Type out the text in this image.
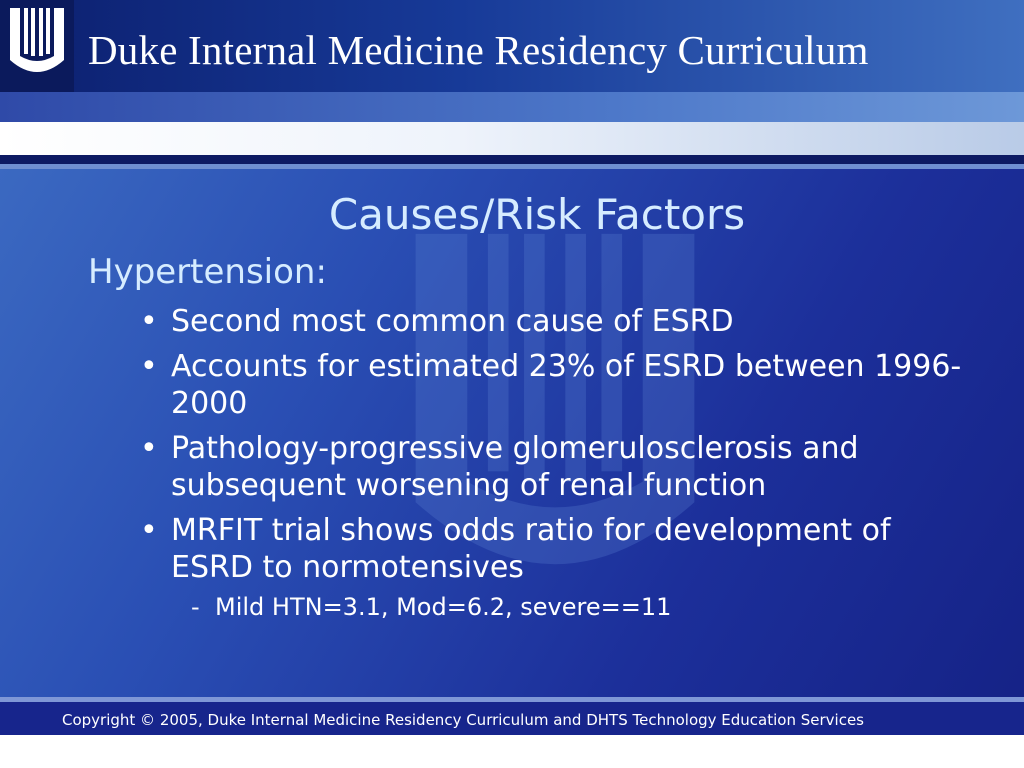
Duke Internal Medicine Residency Curriculum
Causes/Risk Factors
Hypertension:
• Second most common cause of ESRD
• Accounts for estimated 23% of ESRD between 1996-2000
• Pathology-progressive glomerulosclerosis and subsequent worsening of renal function
• MRFIT trial shows odds ratio for development of ESRD to normotensives
- Mild HTN=3.1, Mod=6.2, severe==11
Copyright © 2005, Duke Internal Medicine Residency Curriculum and DHTS Technology Education Services
